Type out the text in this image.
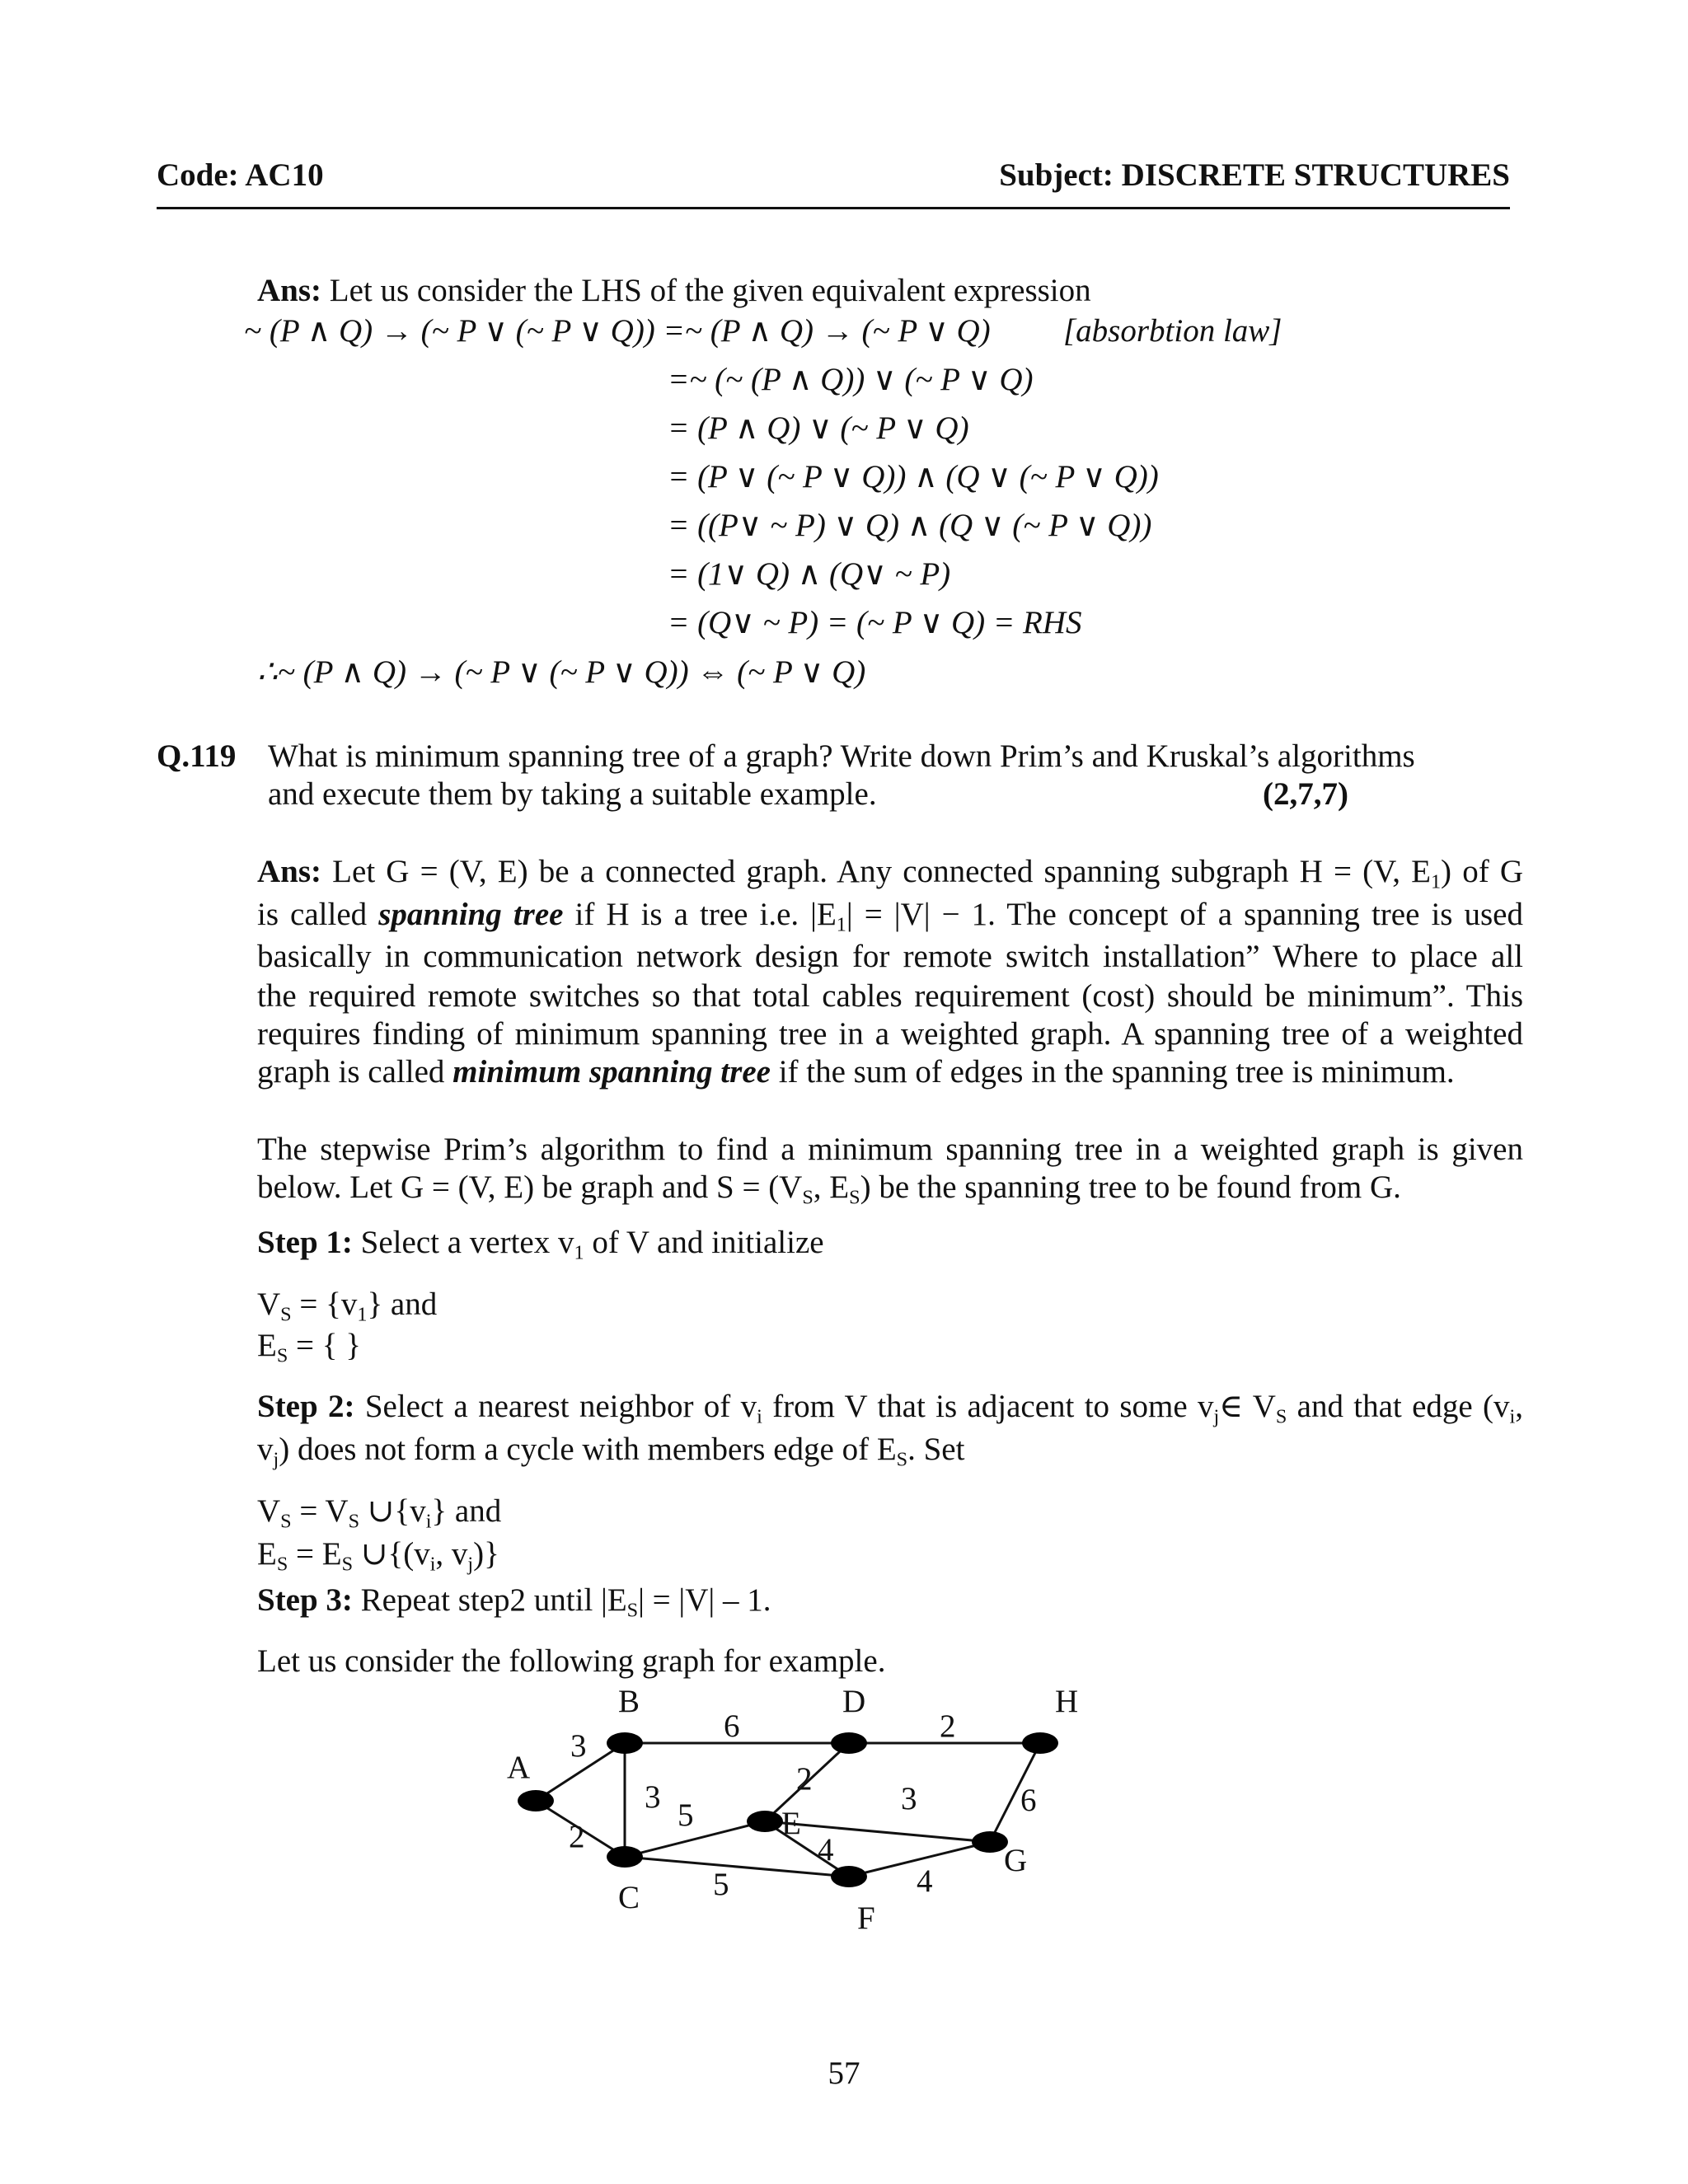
Code: AC10	Subject: DISCRETE STRUCTURES
Ans: Let us consider the LHS of the given equivalent expression
~ (P ∧ Q) → (~ P ∨ (~ P ∨ Q)) =~ (P ∧ Q) → (~ P ∨ Q) [absorbtion law]
=~ (~ (P ∧ Q)) ∨ (~ P ∨ Q)
= (P ∧ Q) ∨ (~ P ∨ Q)
= (P ∨ (~ P ∨ Q)) ∧ (Q ∨ (~ P ∨ Q))
= ((P∨ ~ P) ∨ Q) ∧ (Q ∨ (~ P ∨ Q))
= (1∨ Q) ∧ (Q∨ ~ P)
= (Q∨ ~ P) = (~ P ∨ Q) = RHS
∴~ (P ∧ Q) → (~ P ∨ (~ P ∨ Q)) ⇔ (~ P ∨ Q)
Q.119 What is minimum spanning tree of a graph? Write down Prim’s and Kruskal’s algorithms
and execute them by taking a suitable example.	(2,7,7)
Ans: Let G = (V, E) be a connected graph. Any connected spanning subgraph H = (V, $E_1$) of G
is called spanning tree if H is a tree i.e. $|E_1| = |V| - 1$. The concept of a spanning tree is used
basically in communication network design for remote switch installation” Where to place all
the required remote switches so that total cables requirement (cost) should be minimum”. This
requires finding of minimum spanning tree in a weighted graph. A spanning tree of a weighted
graph is called minimum spanning tree if the sum of edges in the spanning tree is minimum.
The stepwise Prim’s algorithm to find a minimum spanning tree in a weighted graph is given
below. Let G = (V, E) be graph and $S = (V_S$, $E_S$) be the spanning tree to be found from G.
Step 1: Select a vertex $v_1$ of V and initialize
$V_S = \{v_1\}$ and
$E_S$ = { }
Step 2: Select a nearest neighbor of $v_i$ from V that is adjacent to some $v_j\in$ $V_S$ and that edge ($v_i$,
$v_j$) does not form a cycle with members edge of $E_S$. Set
$V_S = V_S$ $\cup\{v_i\}$ and
$E_S = E_S$ $\cup\{(v_i$, $v_j$)}
Step 3: Repeat step2 until $|E_S| = |V| - 1$.
Let us consider the following graph for example.
3
2
3
6	2
2
5
5
4
3
4
6
A
B
C
D
E
F
G
H
57
